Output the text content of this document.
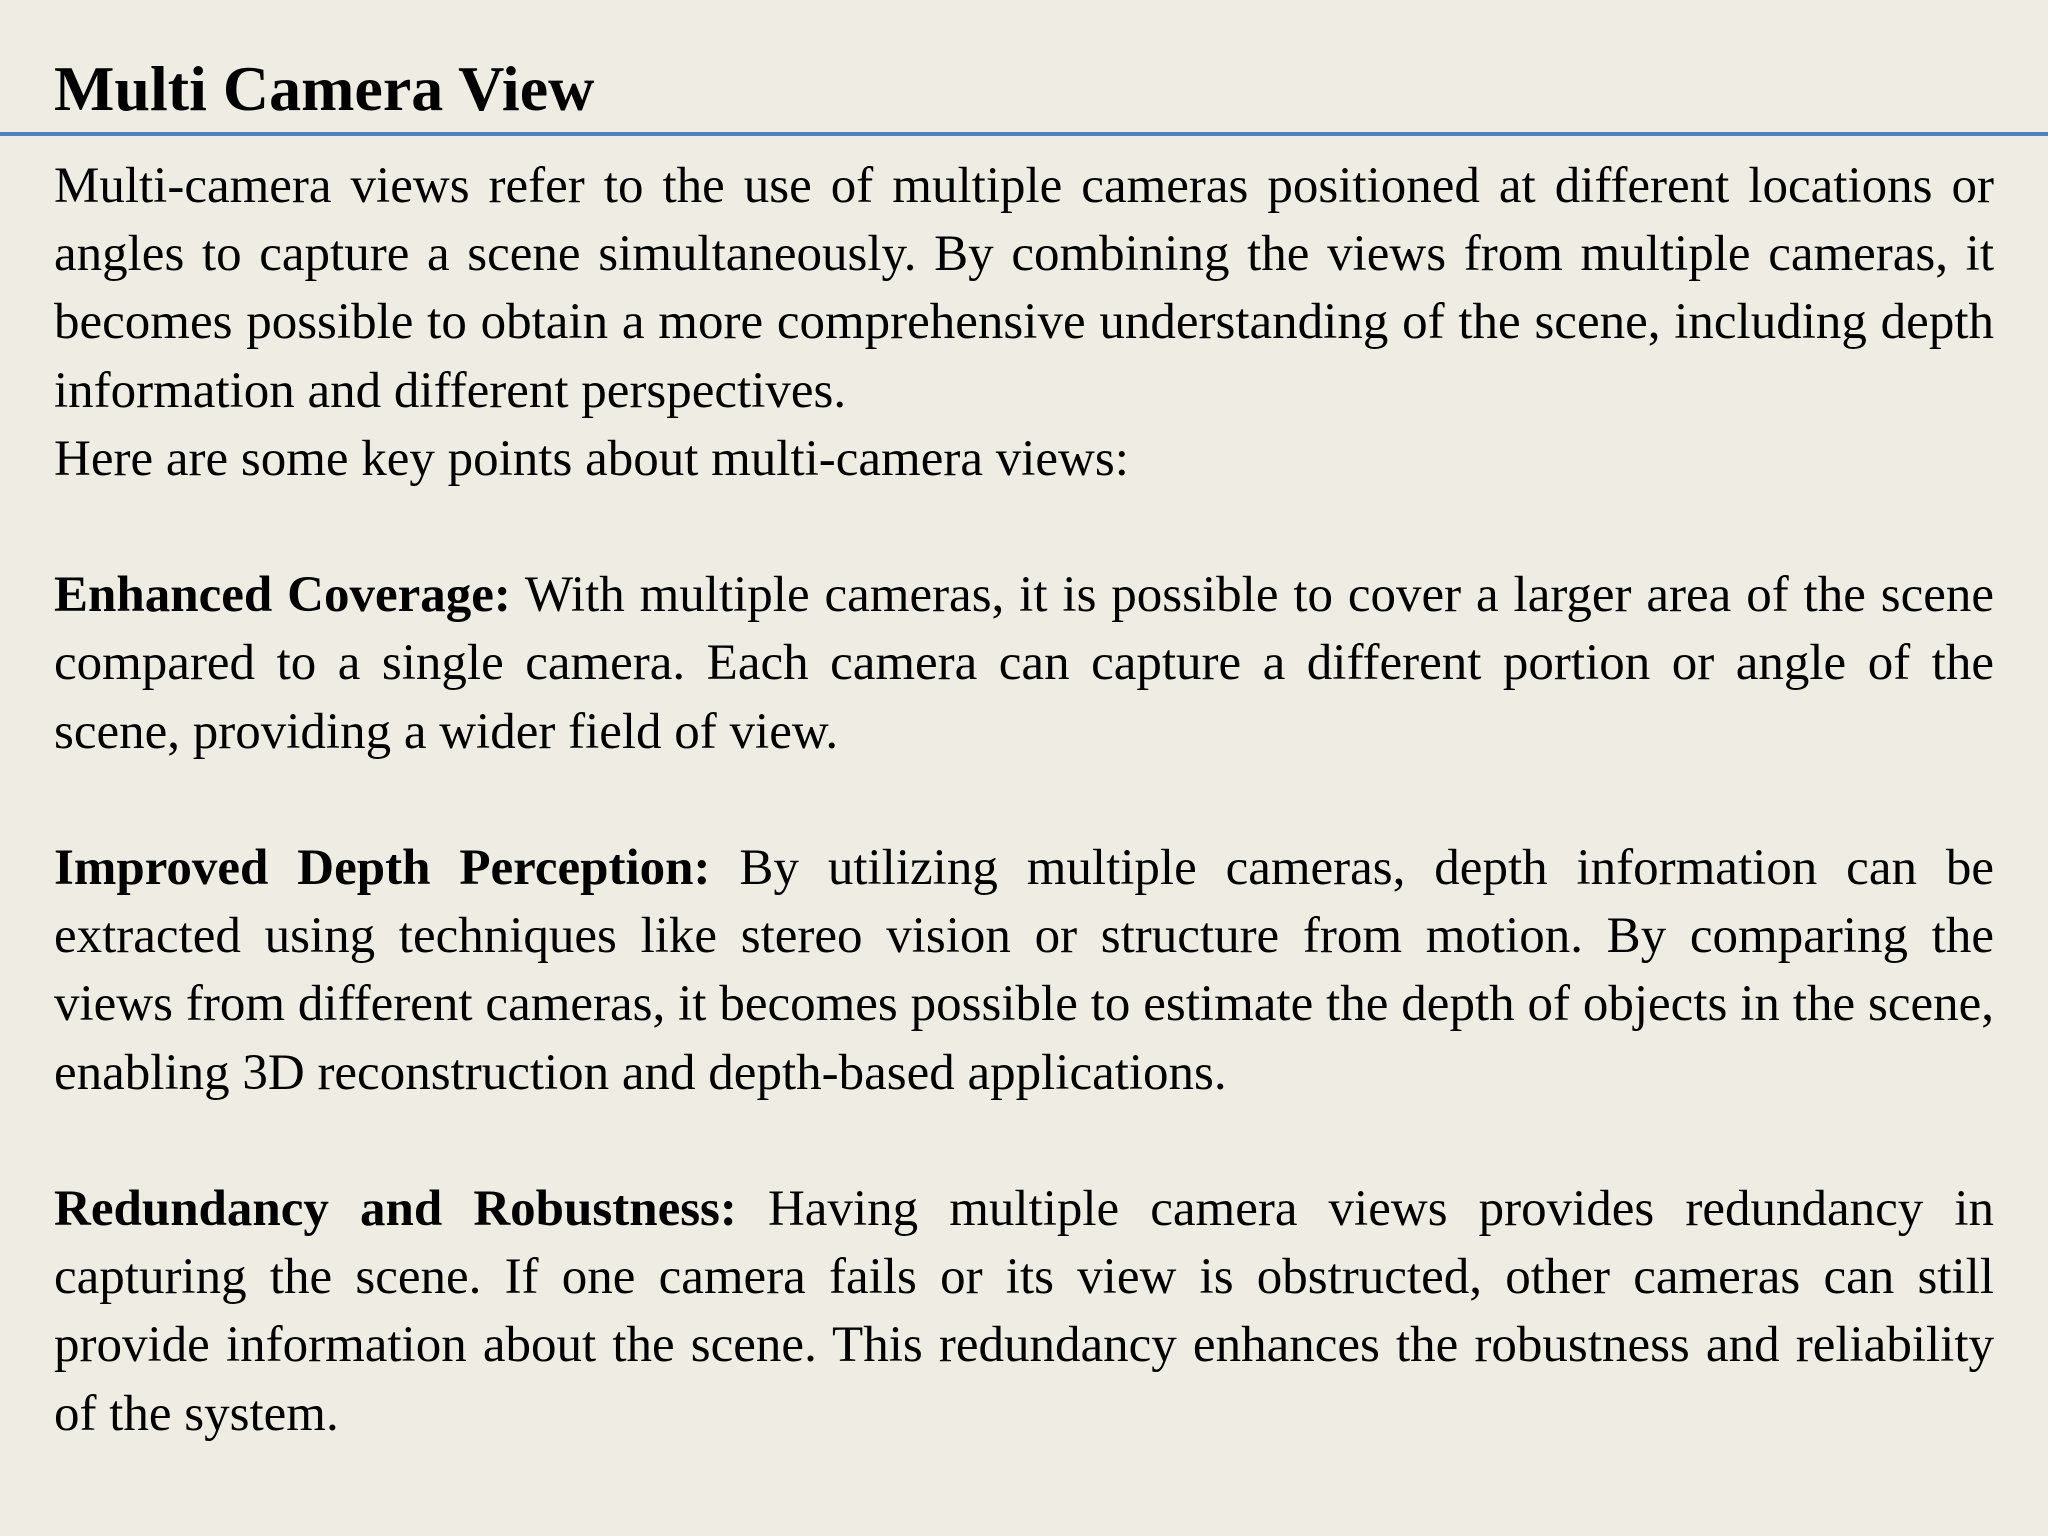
Multi Camera View

Multi-camera views refer to the use of multiple cameras positioned at different locations or angles to capture a scene simultaneously. By combining the views from multiple cameras, it becomes possible to obtain a more comprehensive understanding of the scene, including depth information and different perspectives.
Here are some key points about multi-camera views:

Enhanced Coverage: With multiple cameras, it is possible to cover a larger area of the scene compared to a single camera. Each camera can capture a different portion or angle of the scene, providing a wider field of view.

Improved Depth Perception: By utilizing multiple cameras, depth information can be extracted using techniques like stereo vision or structure from motion. By comparing the views from different cameras, it becomes possible to estimate the depth of objects in the scene, enabling 3D reconstruction and depth-based applications.

Redundancy and Robustness: Having multiple camera views provides redundancy in capturing the scene. If one camera fails or its view is obstructed, other cameras can still provide information about the scene. This redundancy enhances the robustness and reliability of the system.
